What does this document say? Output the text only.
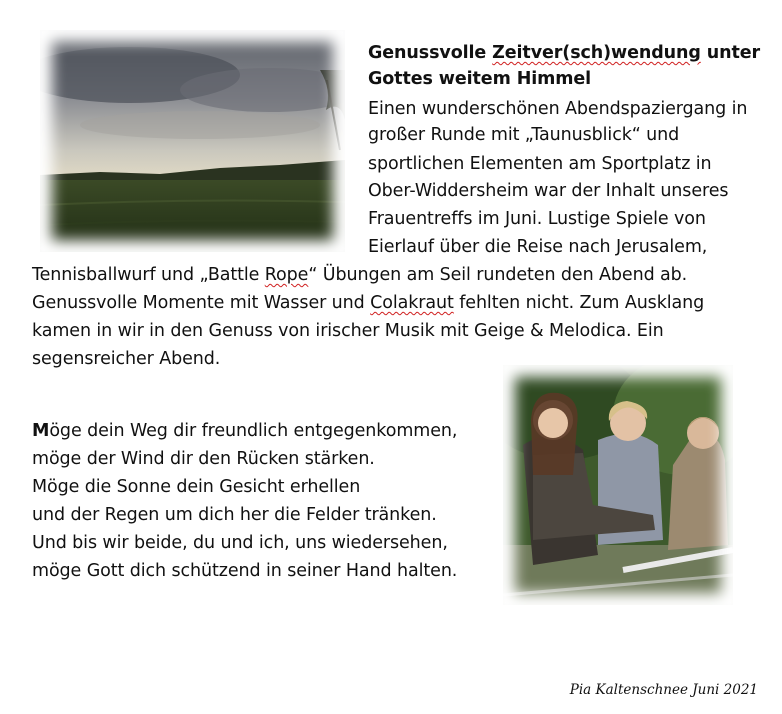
Genussvolle Zeitver(sch)wendung unter
Gottes weitem Himmel
Einen wunderschönen Abendspaziergang in
großer Runde mit „Taunusblick“ und
sportlichen Elementen am Sportplatz in
Ober-Widdersheim war der Inhalt unseres
Frauentreffs im Juni. Lustige Spiele von
Eierlauf über die Reise nach Jerusalem,
Tennisballwurf und „Battle Rope“ Übungen am Seil rundeten den Abend ab.
Genussvolle Momente mit Wasser und Colakraut fehlten nicht. Zum Ausklang
kamen in wir in den Genuss von irischer Musik mit Geige & Melodica. Ein
segensreicher Abend.
Möge dein Weg dir freundlich entgegenkommen,
möge der Wind dir den Rücken stärken.
Möge die Sonne dein Gesicht erhellen
und der Regen um dich her die Felder tränken.
Und bis wir beide, du und ich, uns wiedersehen,
möge Gott dich schützend in seiner Hand halten.
Pia Kaltenschnee Juni 2021
